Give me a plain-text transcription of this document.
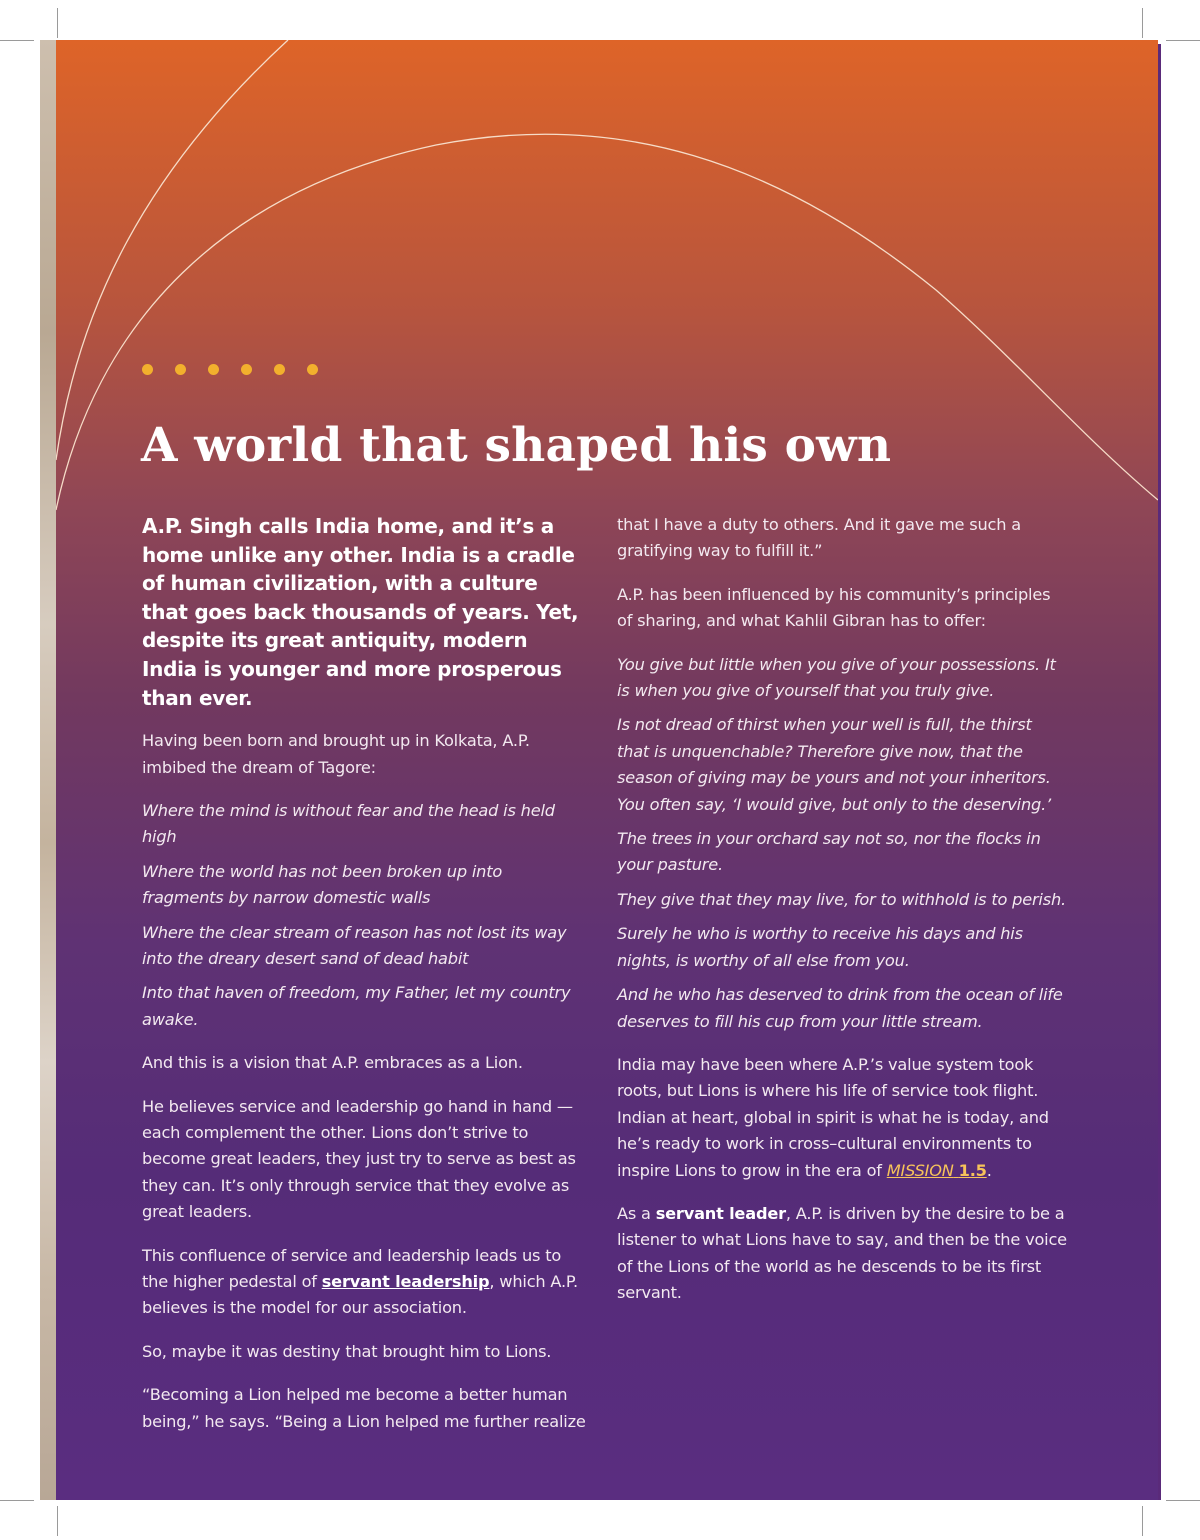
A world that shaped his own

A.P. Singh calls India home, and it’s a home unlike any other. India is a cradle of human civilization, with a culture that goes back thousands of years. Yet, despite its great antiquity, modern India is younger and more prosperous than ever.

Having been born and brought up in Kolkata, A.P. imbibed the dream of Tagore:

Where the mind is without fear and the head is held high

Where the world has not been broken up into fragments by narrow domestic walls

Where the clear stream of reason has not lost its way into the dreary desert sand of dead habit

Into that haven of freedom, my Father, let my country awake.

And this is a vision that A.P. embraces as a Lion.

He believes service and leadership go hand in hand — each complement the other. Lions don’t strive to become great leaders, they just try to serve as best as they can. It’s only through service that they evolve as great leaders.

This confluence of service and leadership leads us to the higher pedestal of servant leadership, which A.P. believes is the model for our association.

So, maybe it was destiny that brought him to Lions.

“Becoming a Lion helped me become a better human being,” he says. “Being a Lion helped me further realize

that I have a duty to others. And it gave me such a gratifying way to fulfill it.”

A.P. has been influenced by his community’s principles of sharing, and what Kahlil Gibran has to offer:

You give but little when you give of your possessions. It is when you give of yourself that you truly give.

Is not dread of thirst when your well is full, the thirst that is unquenchable? Therefore give now, that the season of giving may be yours and not your inheritors. You often say, ‘I would give, but only to the deserving.’

The trees in your orchard say not so, nor the flocks in your pasture.

They give that they may live, for to withhold is to perish.

Surely he who is worthy to receive his days and his nights, is worthy of all else from you.

And he who has deserved to drink from the ocean of life deserves to fill his cup from your little stream.

India may have been where A.P.’s value system took roots, but Lions is where his life of service took flight. Indian at heart, global in spirit is what he is today, and he’s ready to work in cross–cultural environments to inspire Lions to grow in the era of MISSION 1.5.

As a servant leader, A.P. is driven by the desire to be a listener to what Lions have to say, and then be the voice of the Lions of the world as he descends to be its first servant.
